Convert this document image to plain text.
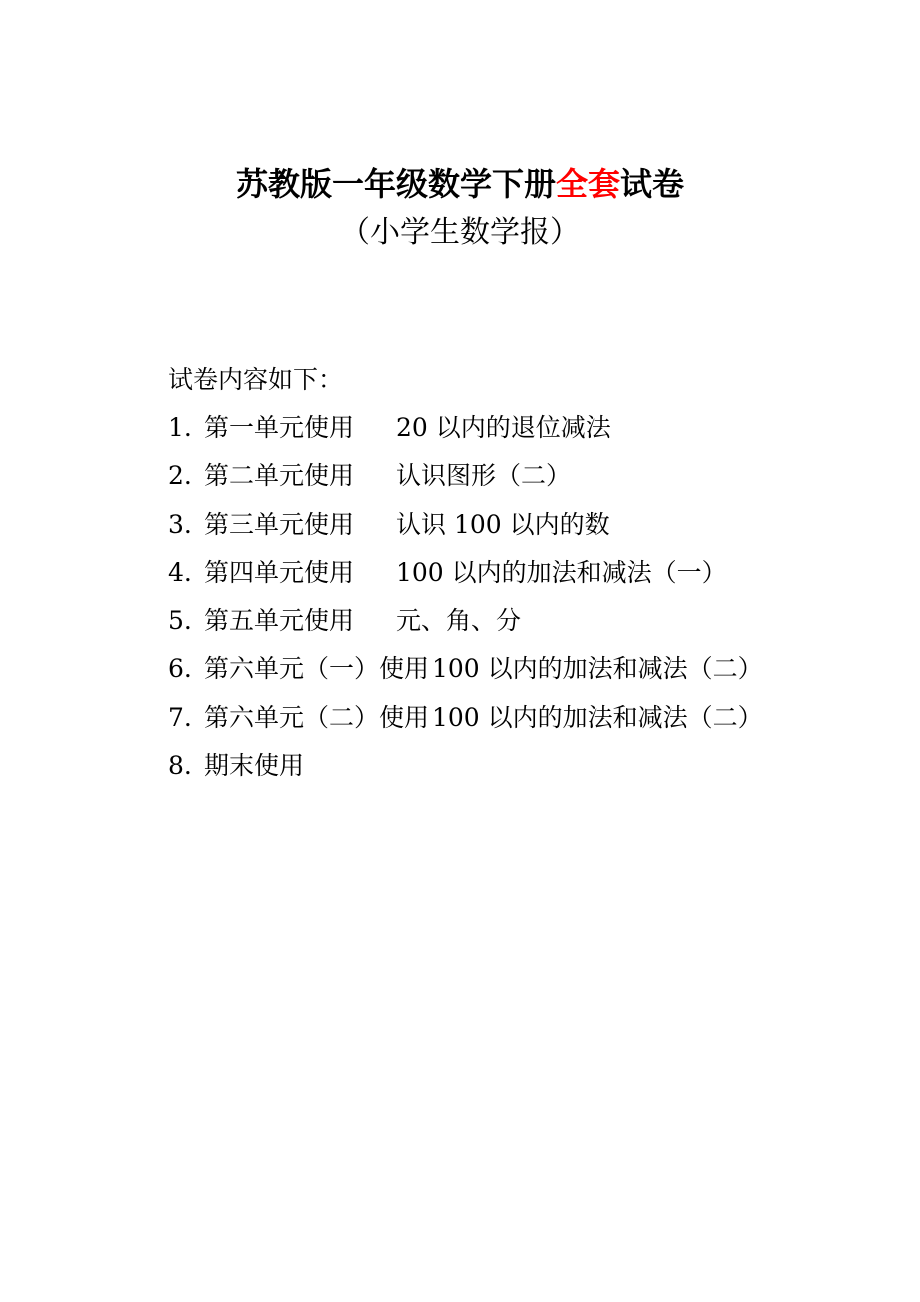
苏教版一年级数学下册全套试卷
（小学生数学报）
试卷内容如下：
1. 第一单元使用	20 以内的退位减法
2. 第二单元使用	认识图形（二）
3. 第三单元使用	认识 100 以内的数
4. 第四单元使用	100 以内的加法和减法（一）
5. 第五单元使用	元、角、分
6. 第六单元（一）使用 100 以内的加法和减法（二）
7. 第六单元（二）使用 100 以内的加法和减法（二）
8. 期末使用
